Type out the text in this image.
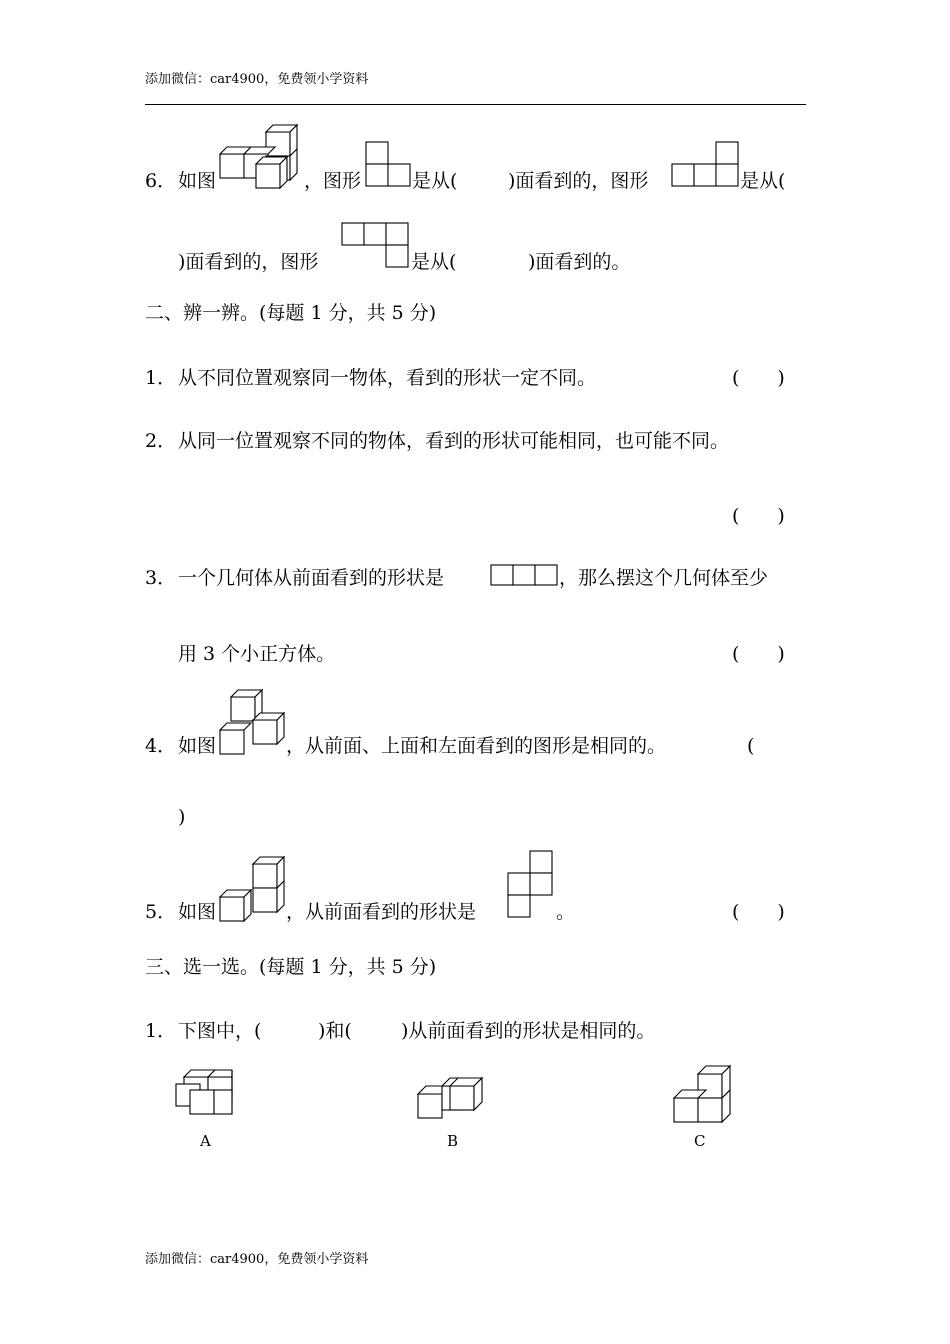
添加微信：car4900，免费领小学资料
6． 如图	，图形	是从(	)面看到的，图形	是从(
)面看到的，图形	是从(	)面看到的。
二、辨一辨。(每题 1 分，共 5 分)
1． 从不同位置观察同一物体，看到的形状一定不同。	(　　)
2． 从同一位置观察不同的物体，看到的形状可能相同，也可能不同。
(　　)
3． 一个几何体从前面看到的形状是	，那么摆这个几何体至少
用 3 个小正方体。	(　　)
4． 如图	，从前面、上面和左面看到的图形是相同的。	(
)
5． 如图	，从前面看到的形状是	。	(　　)
三、选一选。(每题 1 分，共 5 分)
1． 下图中，(	)和(	)从前面看到的形状是相同的。
A	B	C
添加微信：car4900，免费领小学资料
